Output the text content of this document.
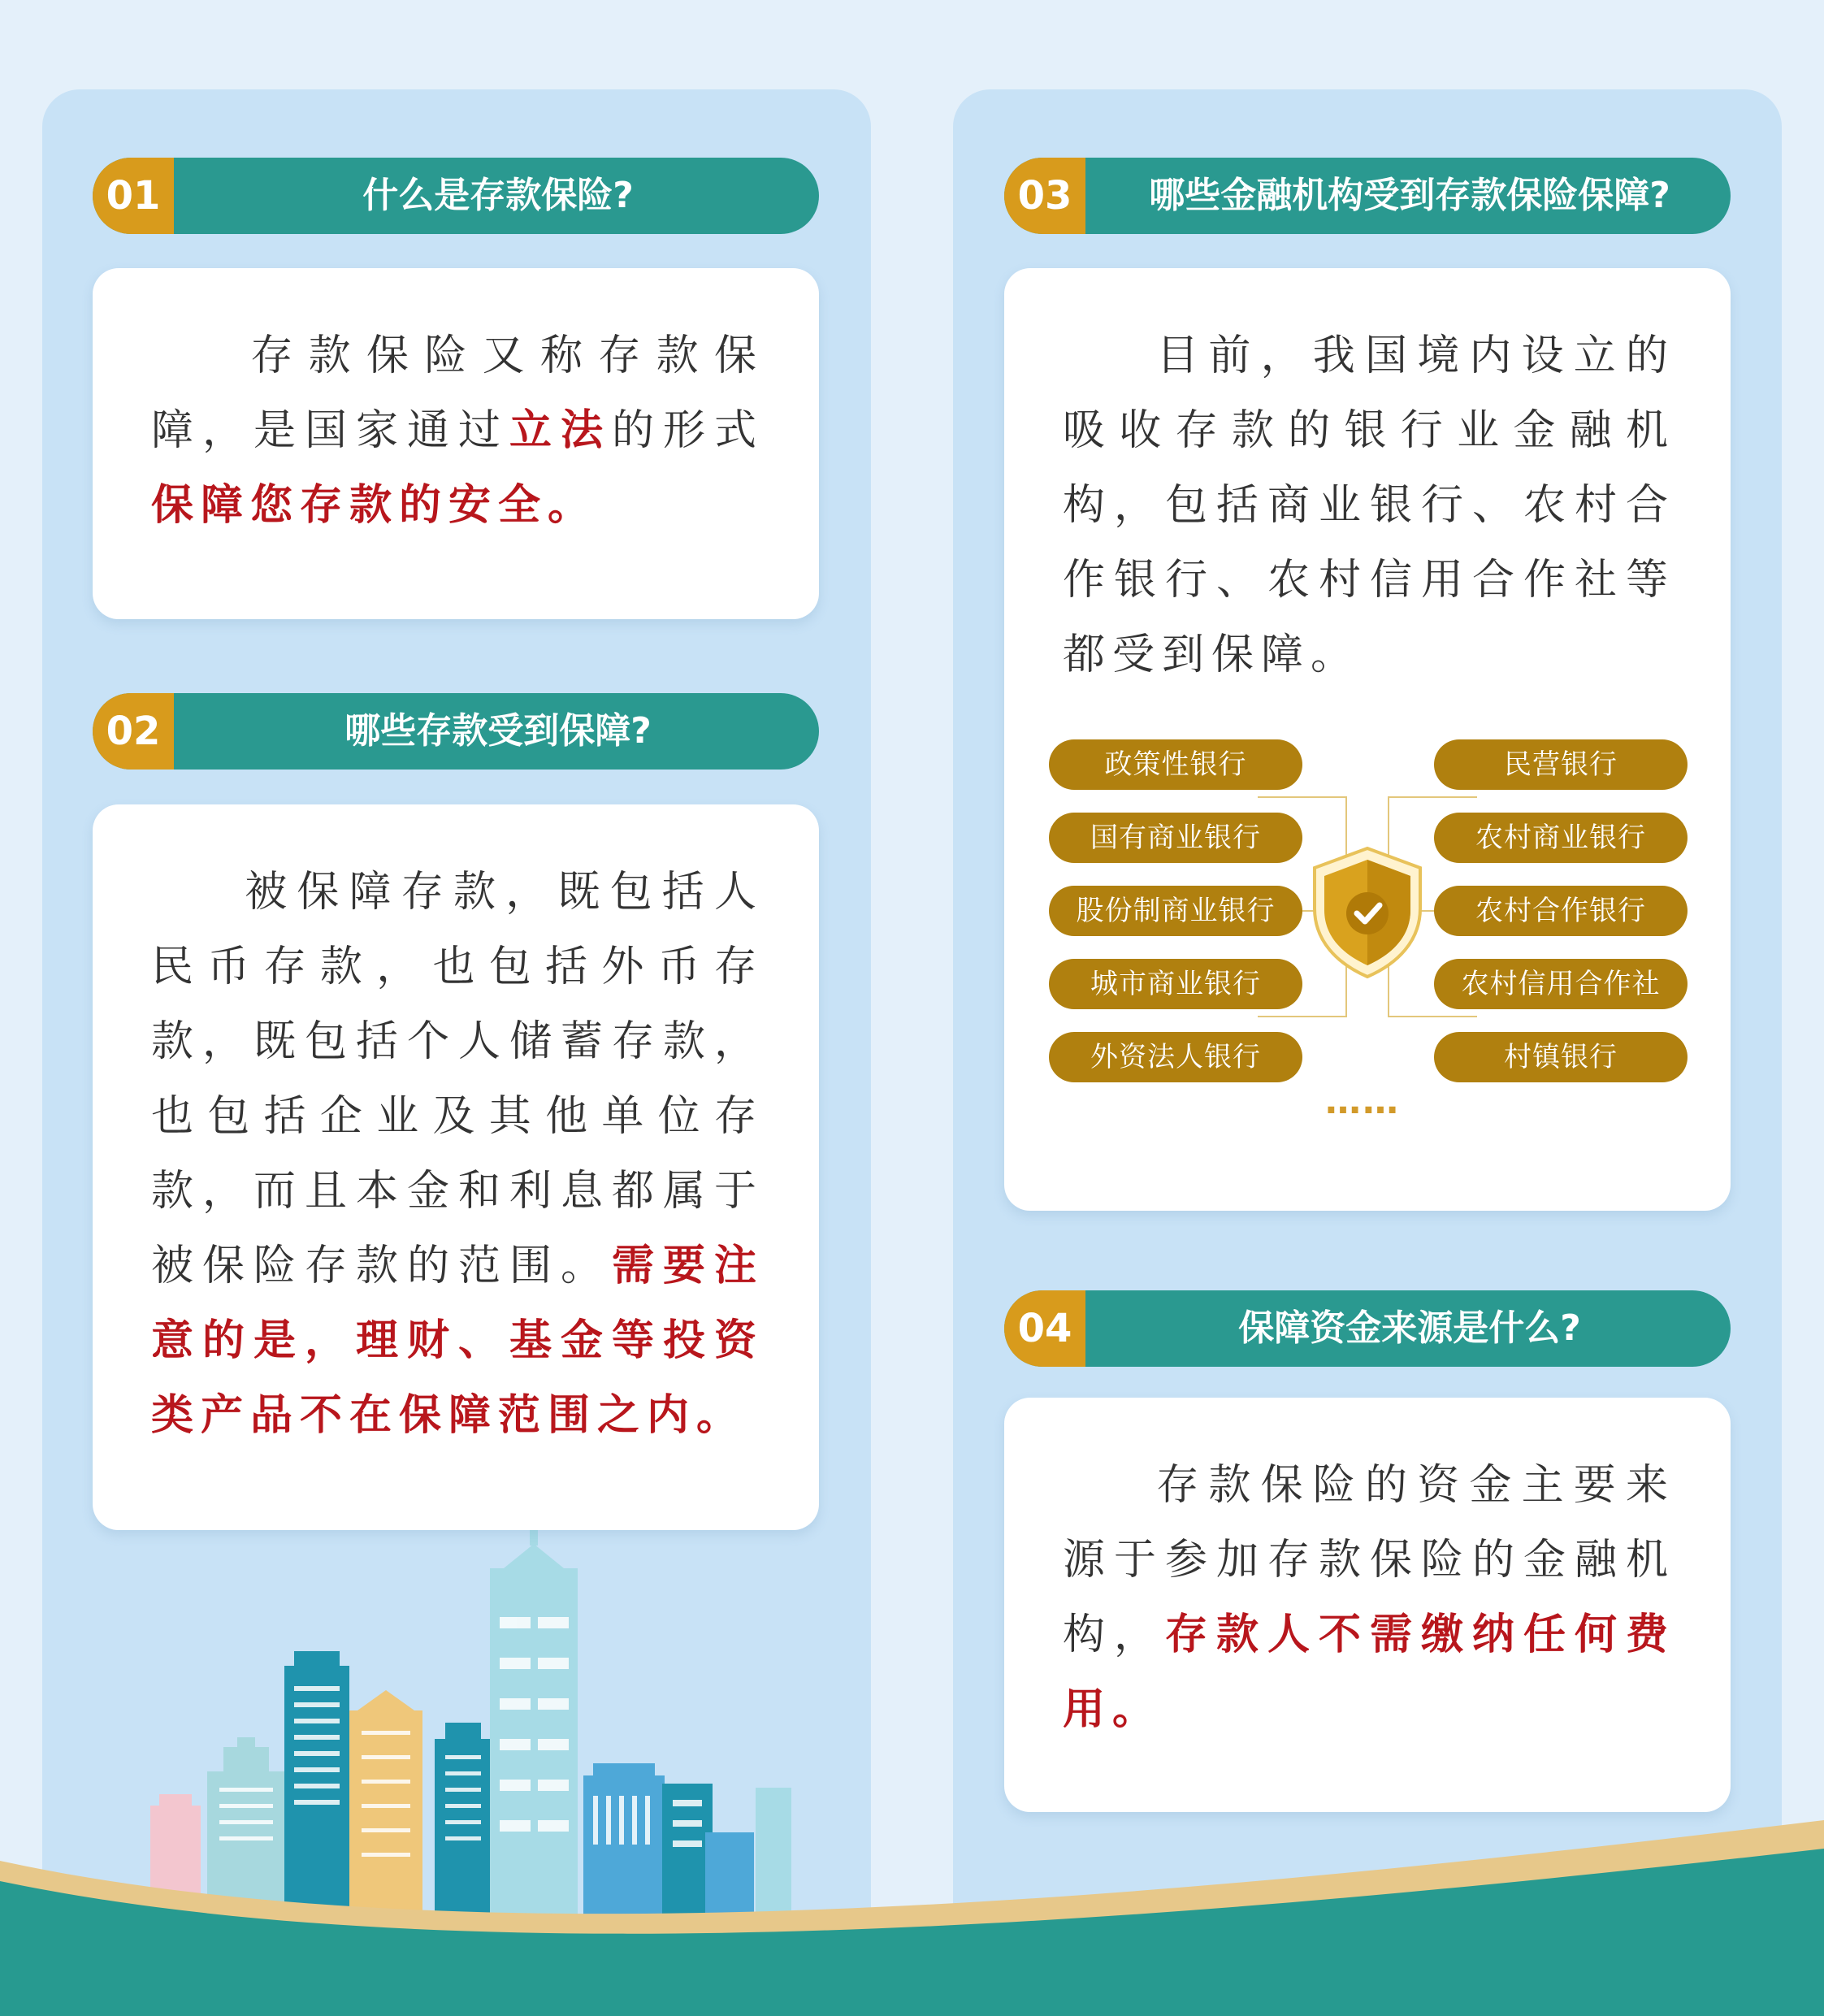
01	什么是存款保险?
存款保险又称存款保障，是国家通过立法的形式保障您存款的安全。
02	哪些存款受到保障?
被保障存款，既包括人民币存款，也包括外币存款，既包括个人储蓄存款，也包括企业及其他单位存款，而且本金和利息都属于被保险存款的范围。需要注意的是，理财、基金等投资类产品不在保障范围之内。
03	哪些金融机构受到存款保险保障?
目前，我国境内设立的吸收存款的银行业金融机构，包括商业银行、农村合作银行、农村信用合作社等都受到保障。
政策性银行
国有商业银行
股份制商业银行
城市商业银行
外资法人银行
民营银行
农村商业银行
农村合作银行
农村信用合作社
村镇银行
……
04	保障资金来源是什么?
存款保险的资金主要来源于参加存款保险的金融机构，存款人不需缴纳任何费用。
